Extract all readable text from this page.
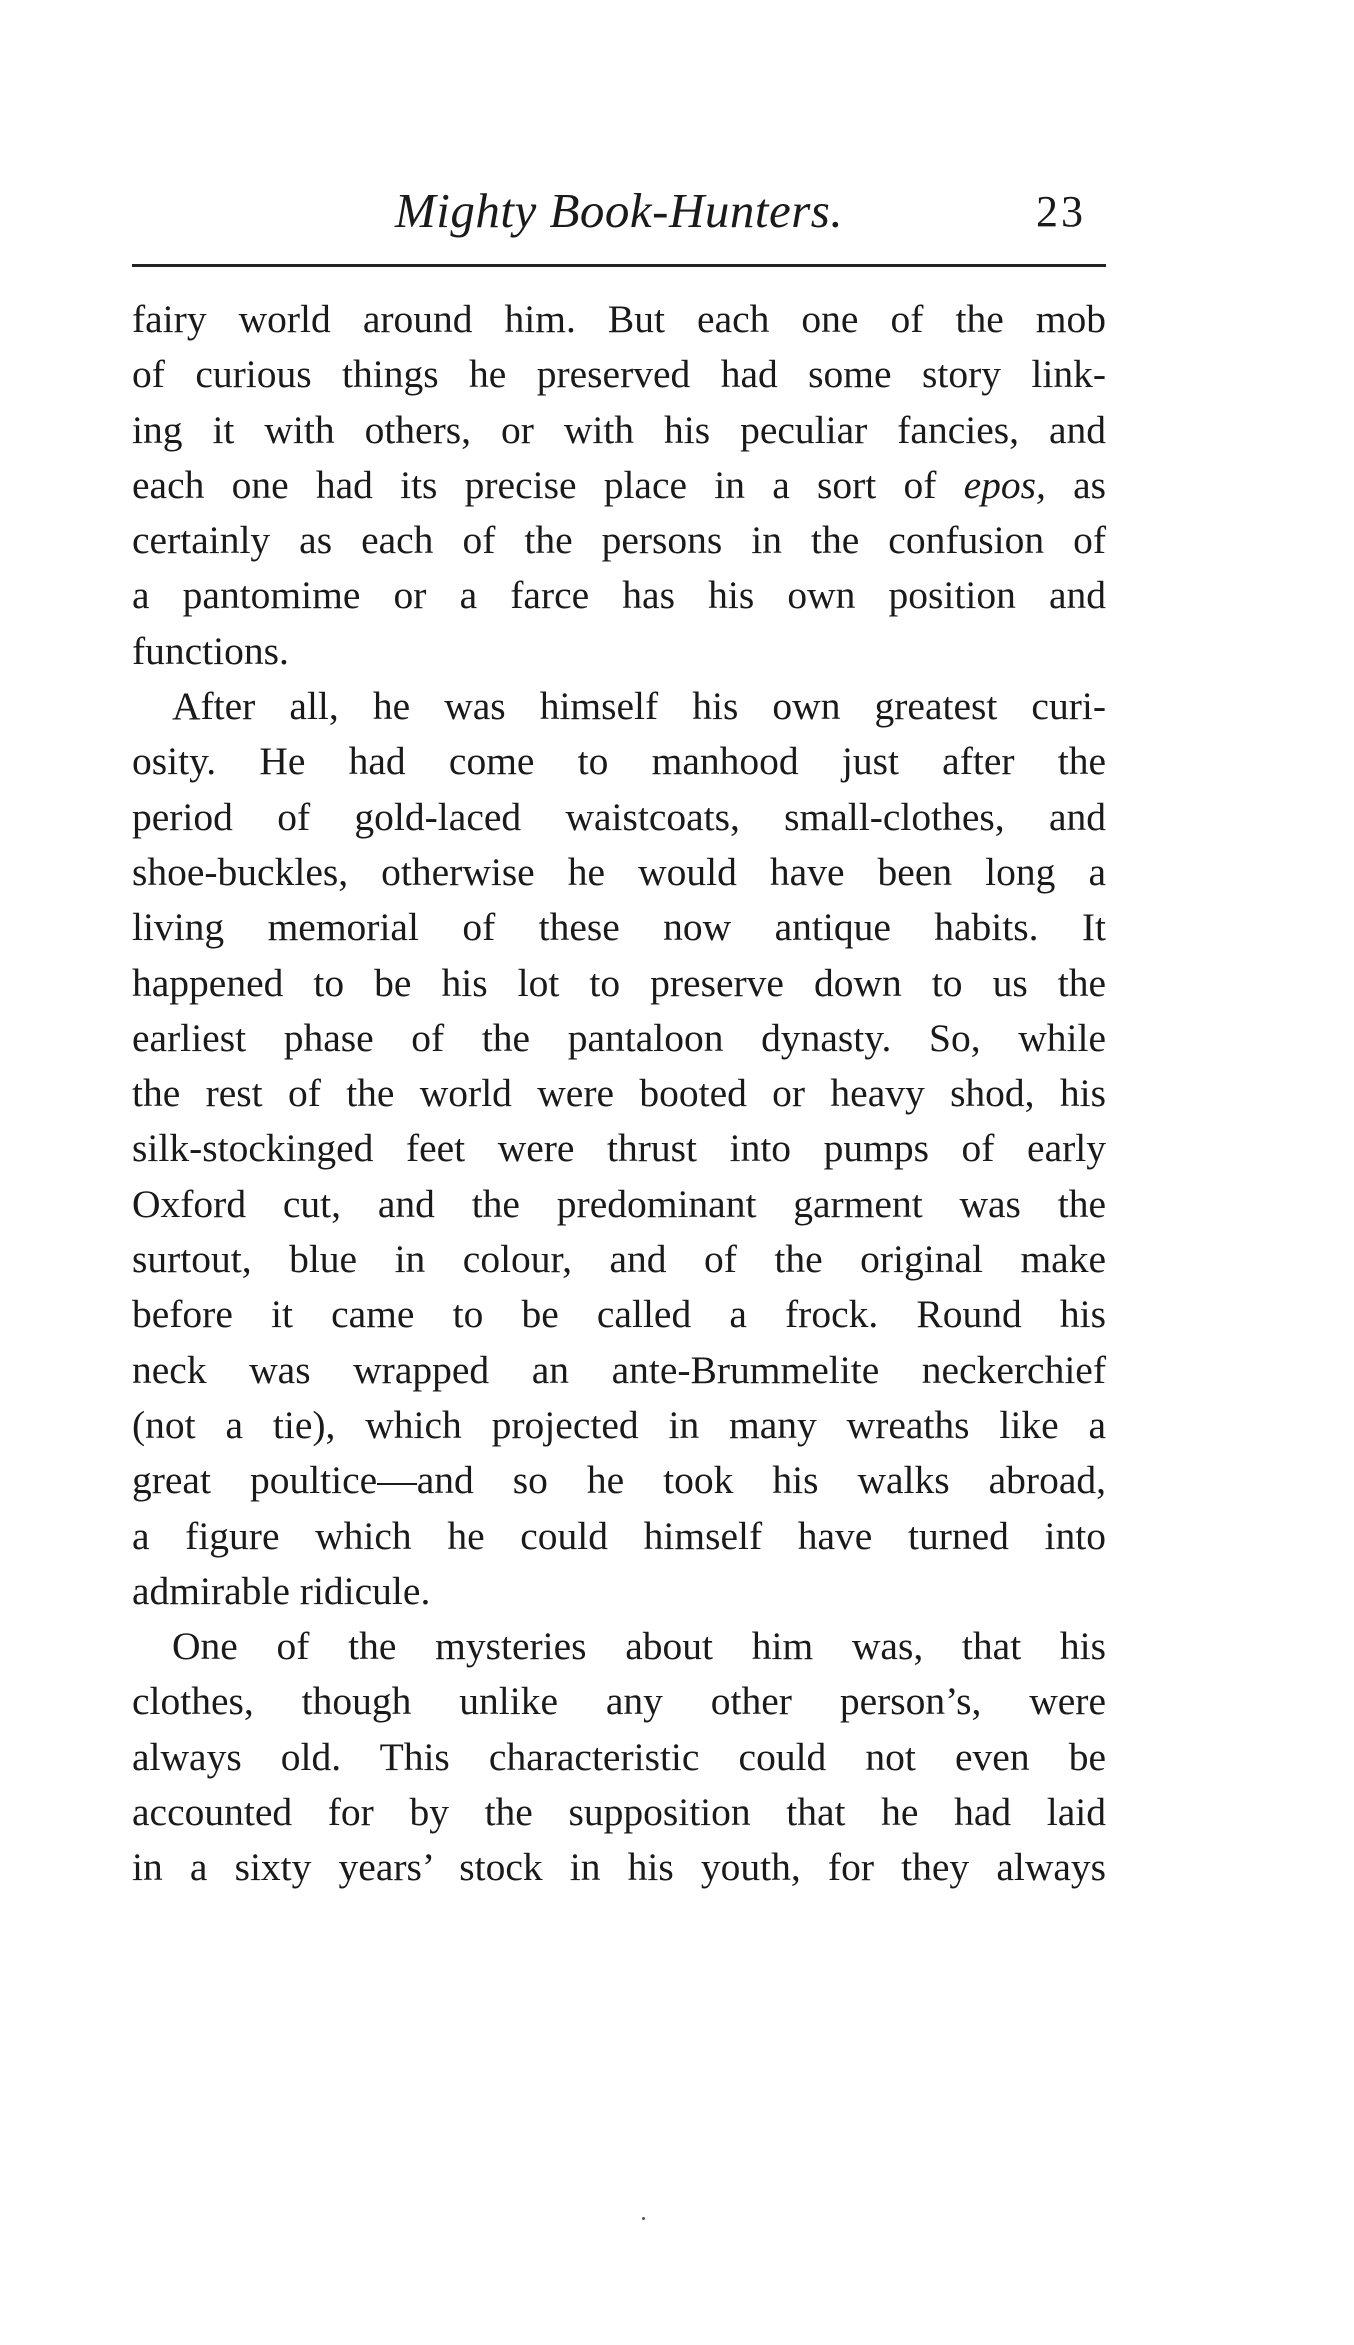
Mighty Book-Hunters.	23
fairy world around him. But each one of the mob
of curious things he preserved had some story link-
ing it with others, or with his peculiar fancies, and
each one had its precise place in a sort of epos, as
certainly as each of the persons in the confusion of
a pantomime or a farce has his own position and
functions.
After all, he was himself his own greatest curi-
osity. He had come to manhood just after the
period of gold-laced waistcoats, small-clothes, and
shoe-buckles, otherwise he would have been long a
living memorial of these now antique habits. It
happened to be his lot to preserve down to us the
earliest phase of the pantaloon dynasty. So, while
the rest of the world were booted or heavy shod, his
silk-stockinged feet were thrust into pumps of early
Oxford cut, and the predominant garment was the
surtout, blue in colour, and of the original make
before it came to be called a frock. Round his
neck was wrapped an ante-Brummelite neckerchief
(not a tie), which projected in many wreaths like a
great poultice—and so he took his walks abroad,
a figure which he could himself have turned into
admirable ridicule.
One of the mysteries about him was, that his
clothes, though unlike any other person’s, were
always old. This characteristic could not even be
accounted for by the supposition that he had laid
in a sixty years’ stock in his youth, for they always
